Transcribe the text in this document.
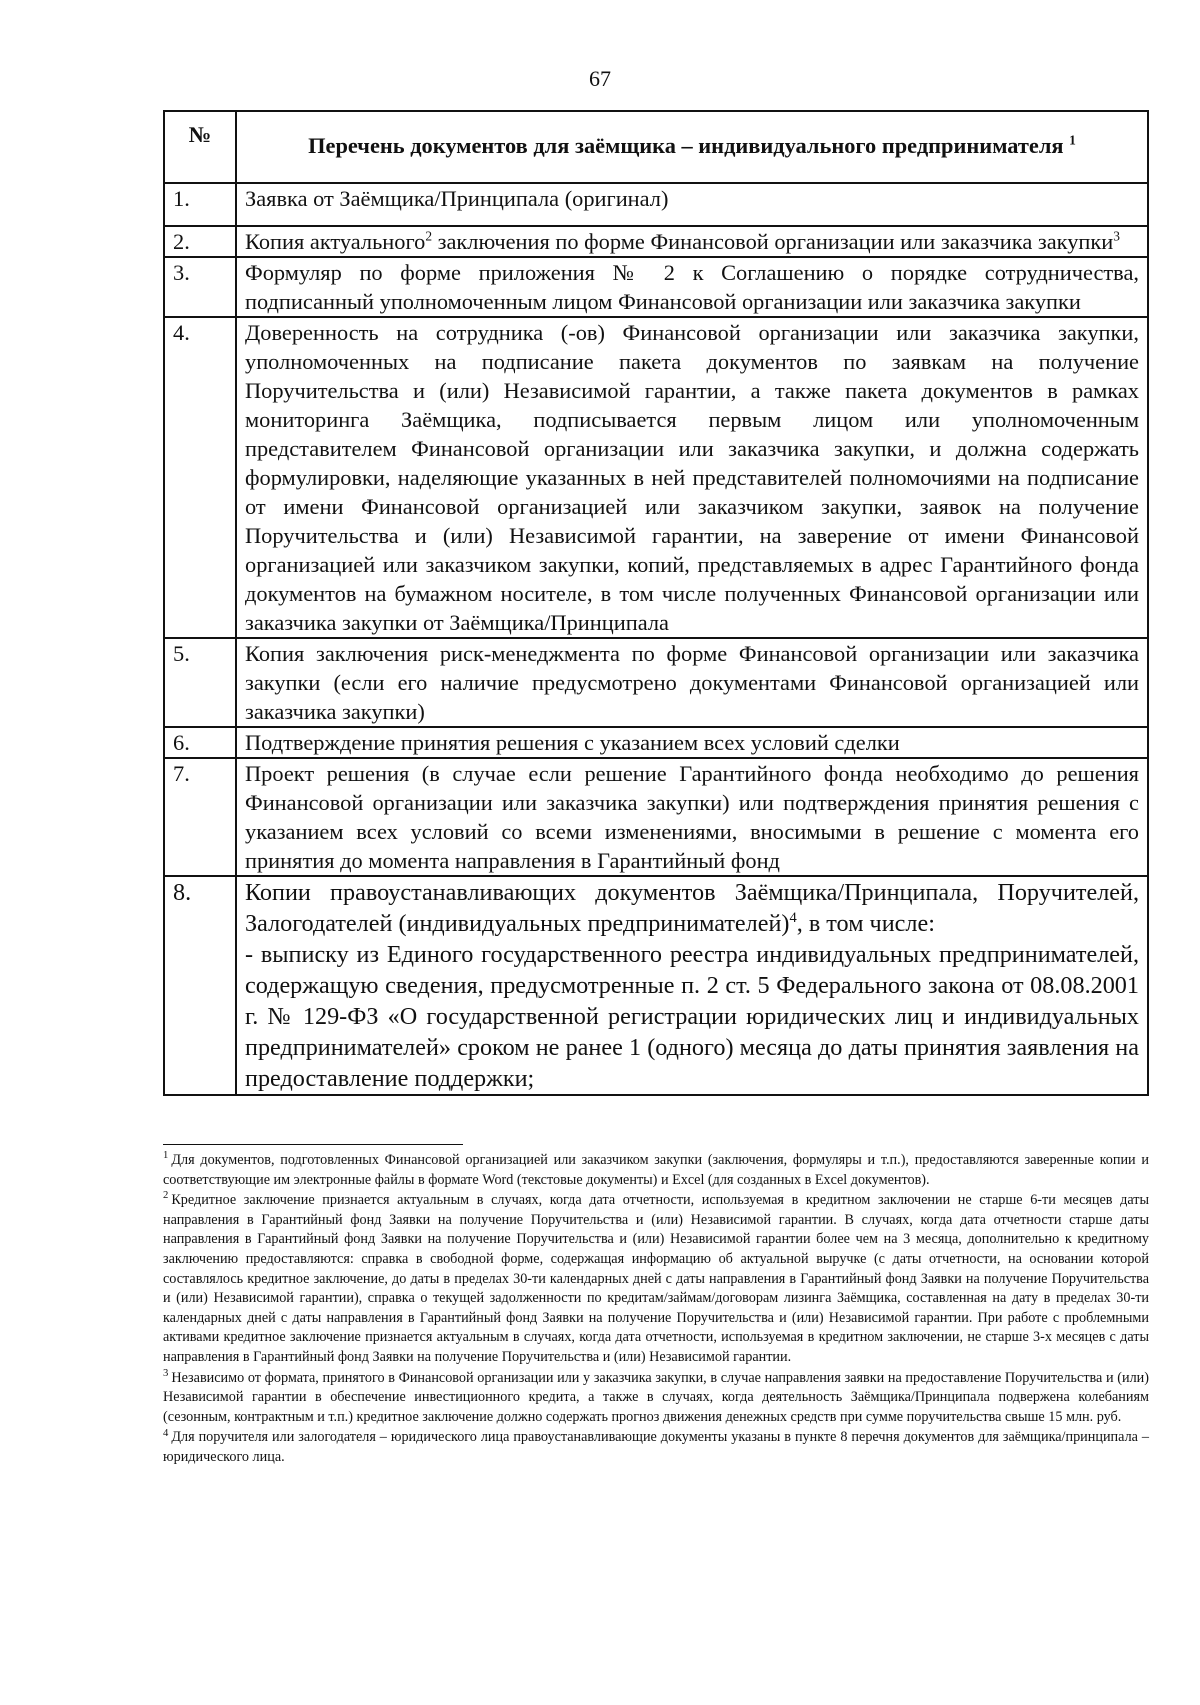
67
№	Перечень документов для заёмщика – индивидуального предпринимателя $^1$
1.	Заявка от Заёмщика/Принципала (оригинал)
2.	Копия актуального$^2$ заключения по форме Финансовой организации или заказчика закупки$^3$
3.	Формуляр по форме приложения № 2 к Соглашению о порядке сотрудничества, подписанный уполномоченным лицом Финансовой организации или заказчика закупки
4.	Доверенность на сотрудника (-ов) Финансовой организации или заказчика закупки, уполномоченных на подписание пакета документов по заявкам на получение Поручительства и (или) Независимой гарантии, а также пакета документов в рамках мониторинга Заёмщика, подписывается первым лицом или уполномоченным представителем Финансовой организации или заказчика закупки, и должна содержать формулировки, наделяющие указанных в ней представителей полномочиями на подписание от имени Финансовой организацией или заказчиком закупки, заявок на получение Поручительства и (или) Независимой гарантии, на заверение от имени Финансовой организацией или заказчиком закупки, копий, представляемых в адрес Гарантийного фонда документов на бумажном носителе, в том числе полученных Финансовой организации или заказчика закупки от Заёмщика/Принципала
5.	Копия заключения риск-менеджмента по форме Финансовой организации или заказчика закупки (если его наличие предусмотрено документами Финансовой организацией или заказчика закупки)
6.	Подтверждение принятия решения с указанием всех условий сделки
7.	Проект решения (в случае если решение Гарантийного фонда необходимо до решения Финансовой организации или заказчика закупки) или подтверждения принятия решения с указанием всех условий со всеми изменениями, вносимыми в решение с момента его принятия до момента направления в Гарантийный фонд
8.	Копии правоустанавливающих документов Заёмщика/Принципала, Поручителей, Залогодателей (индивидуальных предпринимателей)$^4$, в том числе:
- выписку из Единого государственного реестра индивидуальных предпринимателей, содержащую сведения, предусмотренные п. 2 ст. 5 Федерального закона от 08.08.2001 г. № 129-ФЗ «О государственной регистрации юридических лиц и индивидуальных предпринимателей» сроком не ранее 1 (одного) месяца до даты принятия заявления на предоставление поддержки;

$^1$ Для документов, подготовленных Финансовой организацией или заказчиком закупки (заключения, формуляры и т.п.), предоставляются заверенные копии и соответствующие им электронные файлы в формате Word (текстовые документы) и Excel (для созданных в Excel документов).

$^2$ Кредитное заключение признается актуальным в случаях, когда дата отчетности, используемая в кредитном заключении не старше 6-ти месяцев даты направления в Гарантийный фонд Заявки на получение Поручительства и (или) Независимой гарантии. В случаях, когда дата отчетности старше даты направления в Гарантийный фонд Заявки на получение Поручительства и (или) Независимой гарантии более чем на 3 месяца, дополнительно к кредитному заключению предоставляются: справка в свободной форме, содержащая информацию об актуальной выручке (с даты отчетности, на основании которой составлялось кредитное заключение, до даты в пределах 30-ти календарных дней с даты направления в Гарантийный фонд Заявки на получение Поручительства и (или) Независимой гарантии), справка о текущей задолженности по кредитам/займам/договорам лизинга Заёмщика, составленная на дату в пределах 30-ти календарных дней с даты направления в Гарантийный фонд Заявки на получение Поручительства и (или) Независимой гарантии. При работе с проблемными активами кредитное заключение признается актуальным в случаях, когда дата отчетности, используемая в кредитном заключении, не старше 3-х месяцев с даты направления в Гарантийный фонд Заявки на получение Поручительства и (или) Независимой гарантии.

$^3$ Независимо от формата, принятого в Финансовой организации или у заказчика закупки, в случае направления заявки на предоставление Поручительства и (или) Независимой гарантии в обеспечение инвестиционного кредита, а также в случаях, когда деятельность Заёмщика/Принципала подвержена колебаниям (сезонным, контрактным и т.п.) кредитное заключение должно содержать прогноз движения денежных средств при сумме поручительства свыше 15 млн. руб.

$^4$ Для поручителя или залогодателя – юридического лица правоустанавливающие документы указаны в пункте 8 перечня документов для заёмщика/принципала – юридического лица.
